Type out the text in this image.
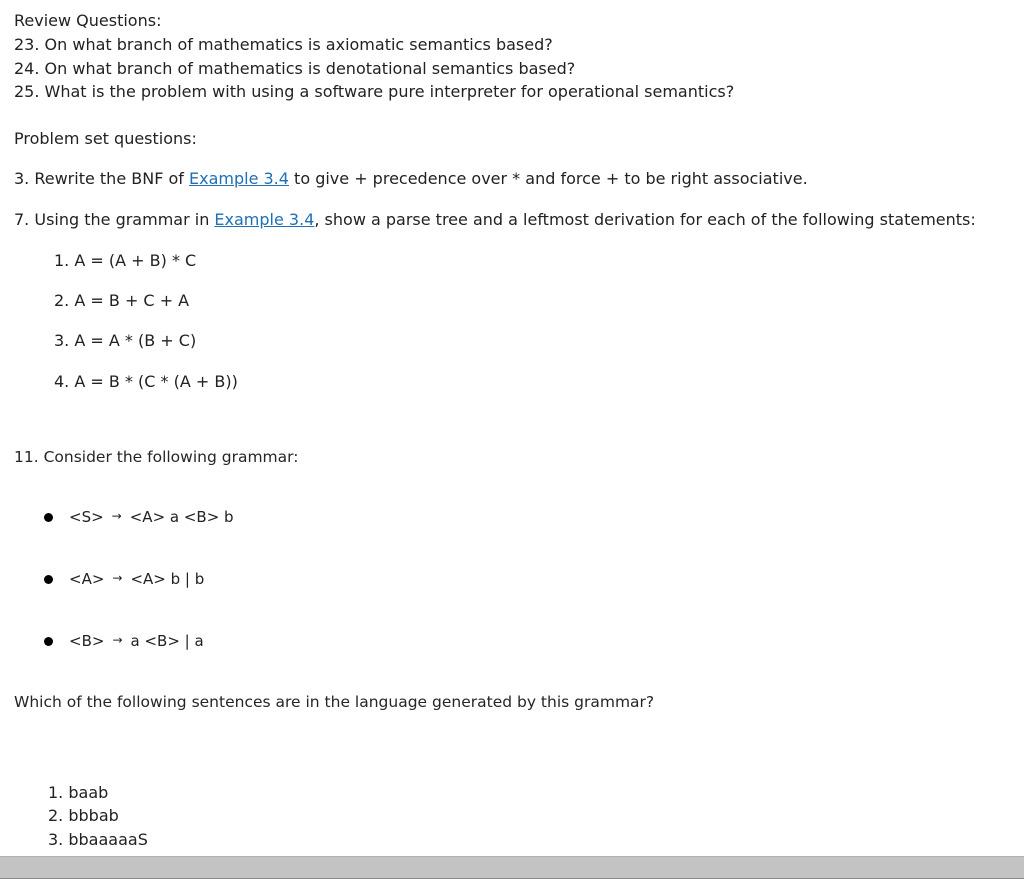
Review Questions:
23. On what branch of mathematics is axiomatic semantics based?
24. On what branch of mathematics is denotational semantics based?
25. What is the problem with using a software pure interpreter for operational semantics?
Problem set questions:
3. Rewrite the BNF of Example 3.4 to give + precedence over * and force + to be right associative.
7. Using the grammar in Example 3.4, show a parse tree and a leftmost derivation for each of the following statements:
1. A = (A + B) * C
2. A = B + C + A
3. A = A * (B + C)
4. A = B * (C * (A + B))
11. Consider the following grammar:
<S> → <A> a <B> b
<A> → <A> b | b
<B> → a <B> | a
Which of the following sentences are in the language generated by this grammar?
1. baab
2. bbbab
3. bbaaaaaS
